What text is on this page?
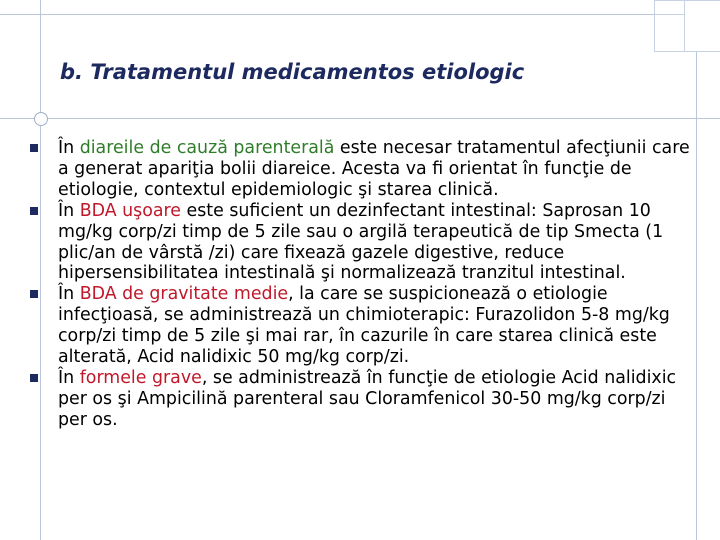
b. Tratamentul medicamentos etiologic
În diareile de cauză parenterală este necesar tratamentul afecţiunii care a generat apariţia bolii diareice. Acesta va fi orientat în funcţie de etiologie, contextul epidemiologic şi starea clinică.
În BDA uşoare este suficient un dezinfectant intestinal: Saprosan 10 mg/kg corp/zi timp de 5 zile sau o argilă terapeutică de tip Smecta (1 plic/an de vârstă /zi) care fixează gazele digestive, reduce hipersensibilitatea intestinală şi normalizează tranzitul intestinal.
În BDA de gravitate medie, la care se suspicionează o etiologie infecţioasă, se administrează un chimioterapic: Furazolidon 5-8 mg/kg corp/zi timp de 5 zile şi mai rar, în cazurile în care starea clinică este alterată, Acid nalidixic 50 mg/kg corp/zi.
În formele grave, se administrează în funcţie de etiologie Acid nalidixic per os şi Ampicilină parenteral sau Cloramfenicol 30-50 mg/kg corp/zi per os.
